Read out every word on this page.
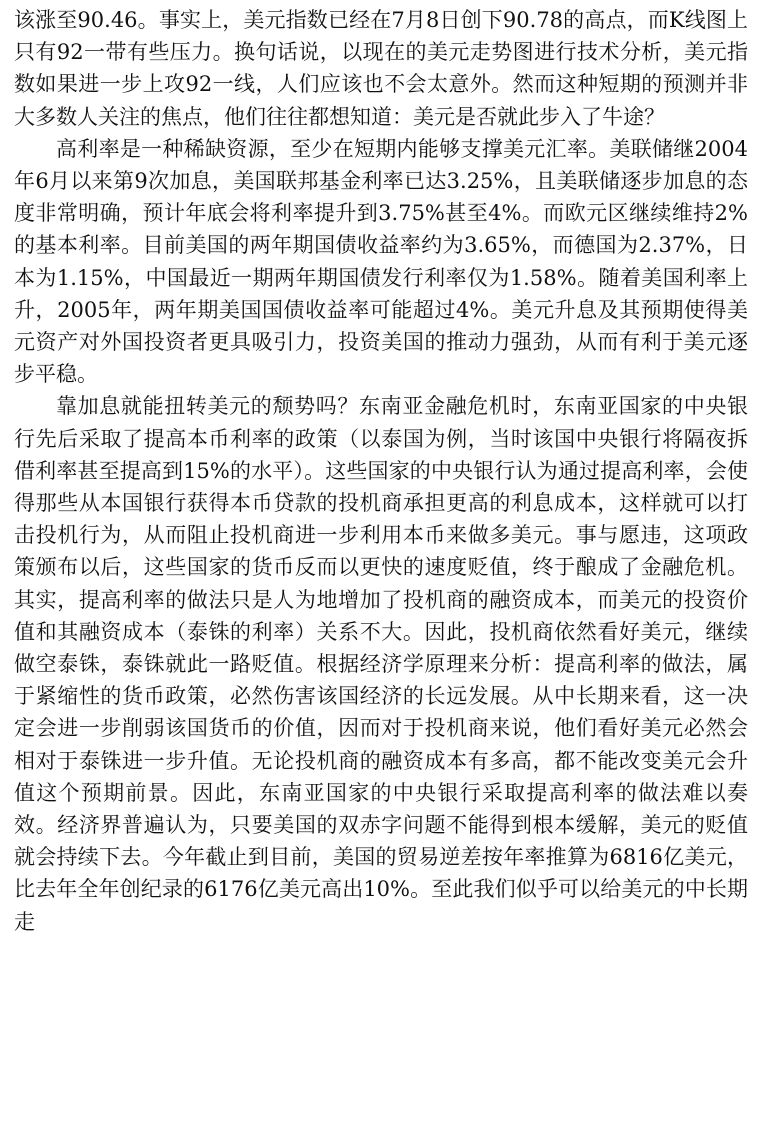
该涨至90.46。事实上，美元指数已经在7月8日创下90.78的高点，而K线图上只有92一带有些压力。换句话说，以现在的美元走势图进行技术分析，美元指数如果进一步上攻92一线，人们应该也不会太意外。然而这种短期的预测并非大多数人关注的焦点，他们往往都想知道：美元是否就此步入了牛途？

高利率是一种稀缺资源，至少在短期内能够支撑美元汇率。美联储继2004年6月以来第9次加息，美国联邦基金利率已达3.25%，且美联储逐步加息的态度非常明确，预计年底会将利率提升到3.75%甚至4%。而欧元区继续维持2%的基本利率。目前美国的两年期国债收益率约为3.65%，而德国为2.37%，日本为1.15%，中国最近一期两年期国债发行利率仅为1.58%。随着美国利率上升，2005年，两年期美国国债收益率可能超过4%。美元升息及其预期使得美元资产对外国投资者更具吸引力，投资美国的推动力强劲，从而有利于美元逐步平稳。

靠加息就能扭转美元的颓势吗？东南亚金融危机时，东南亚国家的中央银行先后采取了提高本币利率的政策（以泰国为例，当时该国中央银行将隔夜拆借利率甚至提高到15%的水平）。这些国家的中央银行认为通过提高利率，会使得那些从本国银行获得本币贷款的投机商承担更高的利息成本，这样就可以打击投机行为，从而阻止投机商进一步利用本币来做多美元。事与愿违，这项政策颁布以后，这些国家的货币反而以更快的速度贬值，终于酿成了金融危机。其实，提高利率的做法只是人为地增加了投机商的融资成本，而美元的投资价值和其融资成本（泰铢的利率）关系不大。因此，投机商依然看好美元，继续做空泰铢，泰铢就此一路贬值。根据经济学原理来分析：提高利率的做法，属于紧缩性的货币政策，必然伤害该国经济的长远发展。从中长期来看，这一决定会进一步削弱该国货币的价值，因而对于投机商来说，他们看好美元必然会相对于泰铢进一步升值。无论投机商的融资成本有多高，都不能改变美元会升值这个预期前景。因此，东南亚国家的中央银行采取提高利率的做法难以奏效。经济界普遍认为，只要美国的双赤字问题不能得到根本缓解，美元的贬值就会持续下去。今年截止到目前，美国的贸易逆差按年率推算为6816亿美元，比去年全年创纪录的6176亿美元高出10%。至此我们似乎可以给美元的中长期走
